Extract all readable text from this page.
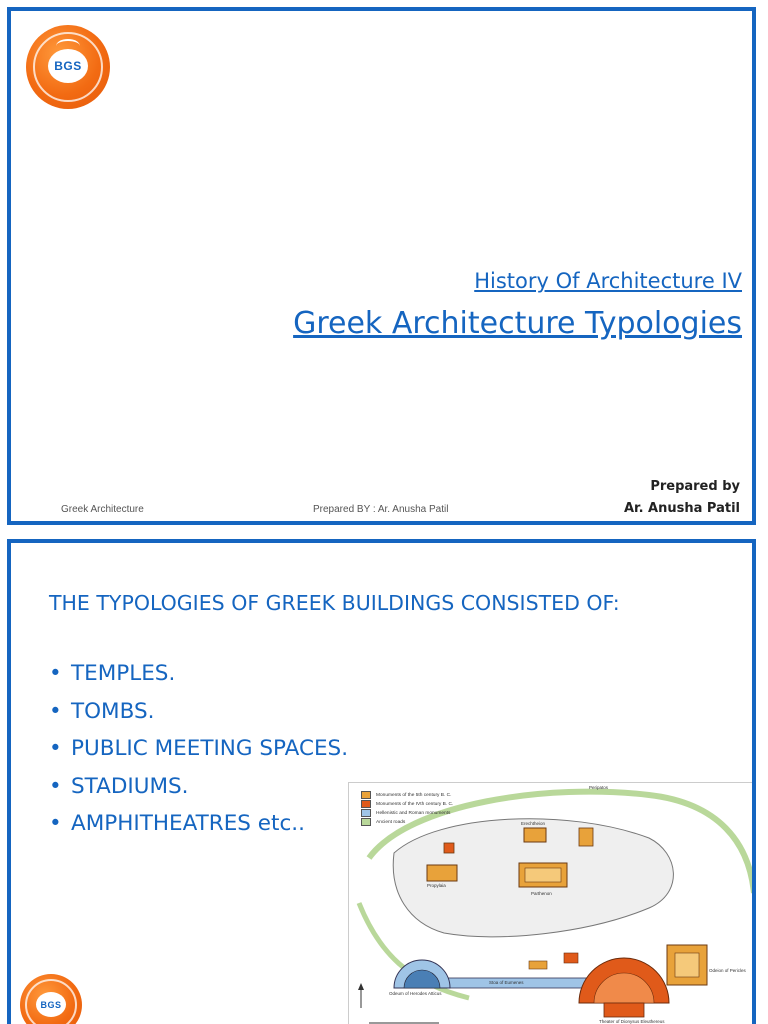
BGS
History Of Architecture IV
Greek Architecture Typologies
Prepared by
Ar. Anusha Patil
Greek Architecture	Prepared BY : Ar. Anusha Patil
THE TYPOLOGIES OF GREEK BUILDINGS CONSISTED OF:
• TEMPLES.
• TOMBS.
• PUBLIC MEETING SPACES.
• STADIUMS.
• AMPHITHEATRES etc..
Monuments of the 5th century B. C.
Monuments of the IVth century B. C.
Hellenistic and Roman monuments
Ancient roads
Parthenon
Erechtheion
Propylaia
Stoa of Eumenes
Odeum of Herodes Atticus
Theater of Dionysus Eleuthereus
Odeion of Pericles
Peripatos
BGS
